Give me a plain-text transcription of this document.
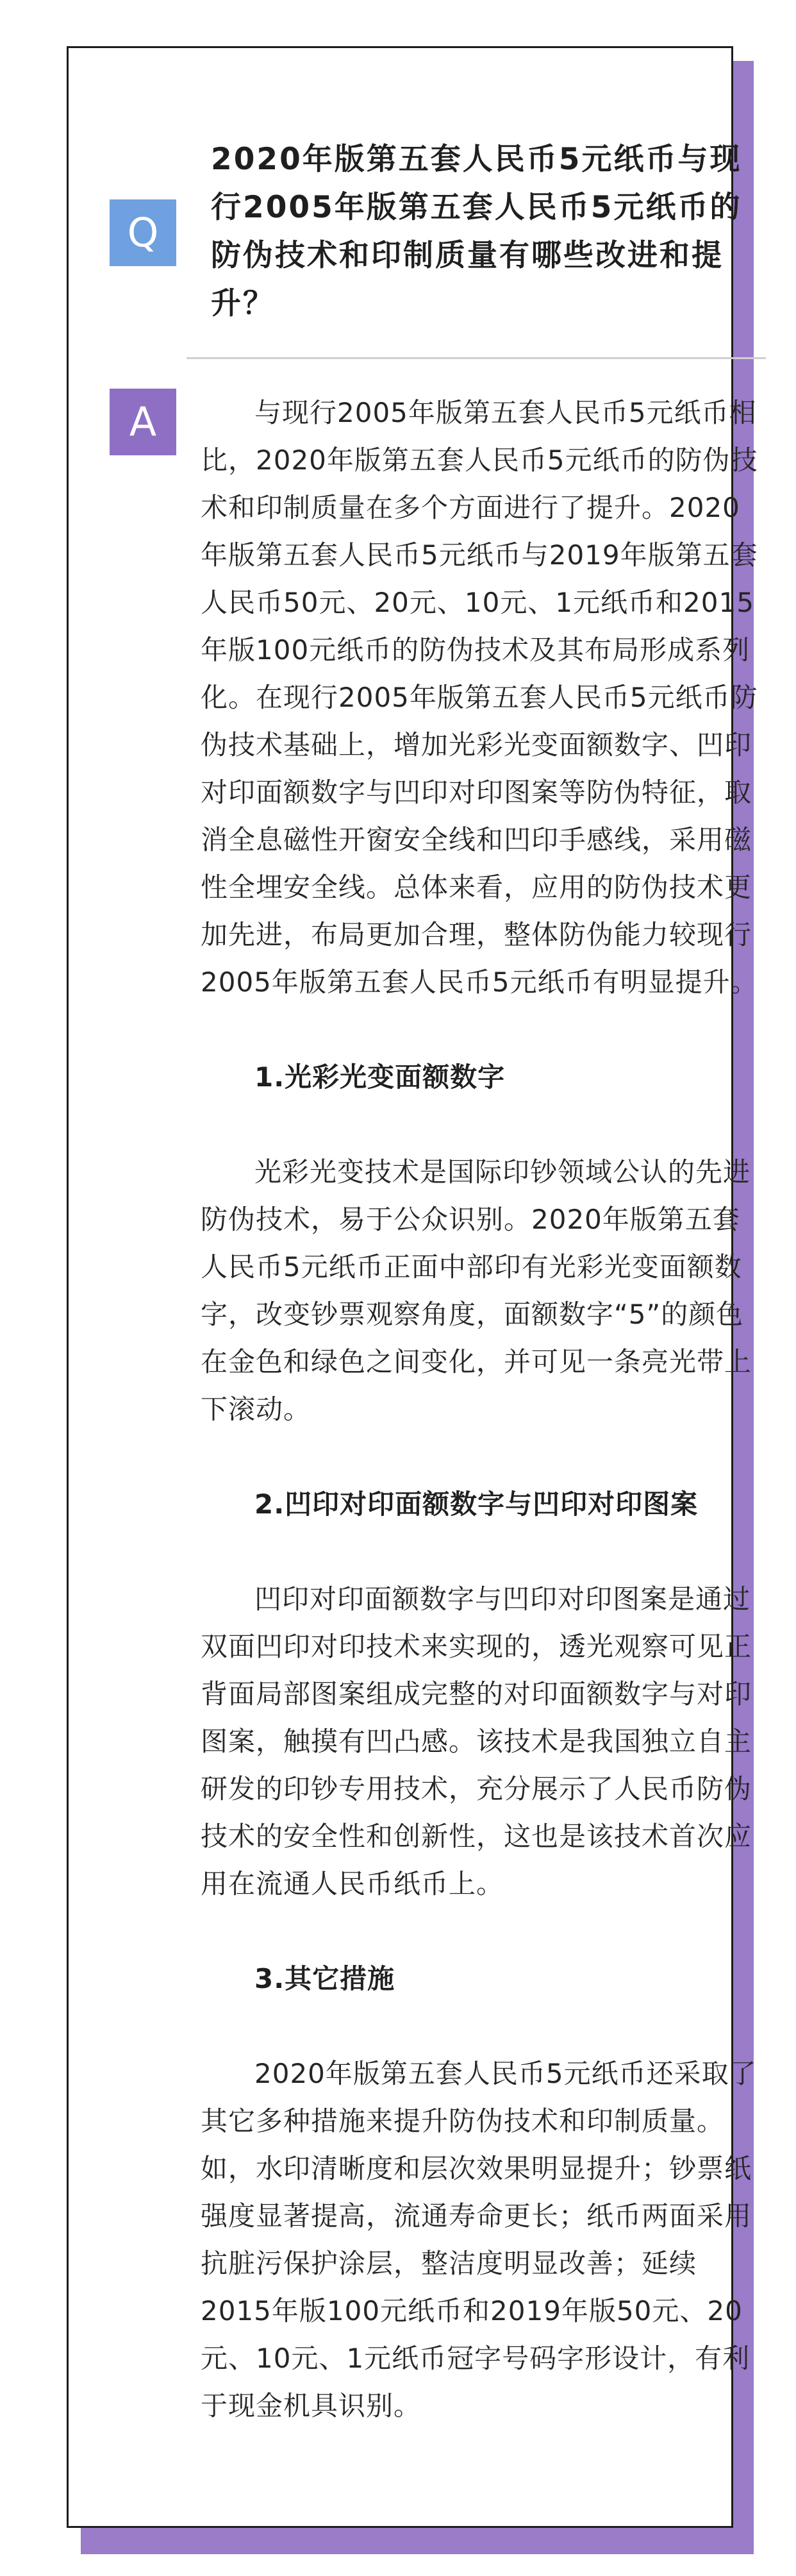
Q

2020年版第五套人民币5元纸币与现行2005年版第五套人民币5元纸币的防伪技术和印制质量有哪些改进和提升？

A	与现行2005年版第五套人民币5元纸币相比，2020年版第五套人民币5元纸币的防伪技术和印制质量在多个方面进行了提升。2020年版第五套人民币5元纸币与2019年版第五套人民币50元、20元、10元、1元纸币和2015年版100元纸币的防伪技术及其布局形成系列化。在现行2005年版第五套人民币5元纸币防伪技术基础上，增加光彩光变面额数字、凹印对印面额数字与凹印对印图案等防伪特征，取消全息磁性开窗安全线和凹印手感线，采用磁性全埋安全线。总体来看，应用的防伪技术更加先进，布局更加合理，整体防伪能力较现行2005年版第五套人民币5元纸币有明显提升。

1.光彩光变面额数字

光彩光变技术是国际印钞领域公认的先进防伪技术，易于公众识别。2020年版第五套人民币5元纸币正面中部印有光彩光变面额数字，改变钞票观察角度，面额数字“5”的颜色在金色和绿色之间变化，并可见一条亮光带上下滚动。

2.凹印对印面额数字与凹印对印图案

凹印对印面额数字与凹印对印图案是通过双面凹印对印技术来实现的，透光观察可见正背面局部图案组成完整的对印面额数字与对印图案，触摸有凹凸感。该技术是我国独立自主研发的印钞专用技术，充分展示了人民币防伪技术的安全性和创新性，这也是该技术首次应用在流通人民币纸币上。

3.其它措施

2020年版第五套人民币5元纸币还采取了其它多种措施来提升防伪技术和印制质量。如，水印清晰度和层次效果明显提升；钞票纸强度显著提高，流通寿命更长；纸币两面采用抗脏污保护涂层，整洁度明显改善；延续2015年版100元纸币和2019年版50元、20元、10元、1元纸币冠字号码字形设计，有利于现金机具识别。
